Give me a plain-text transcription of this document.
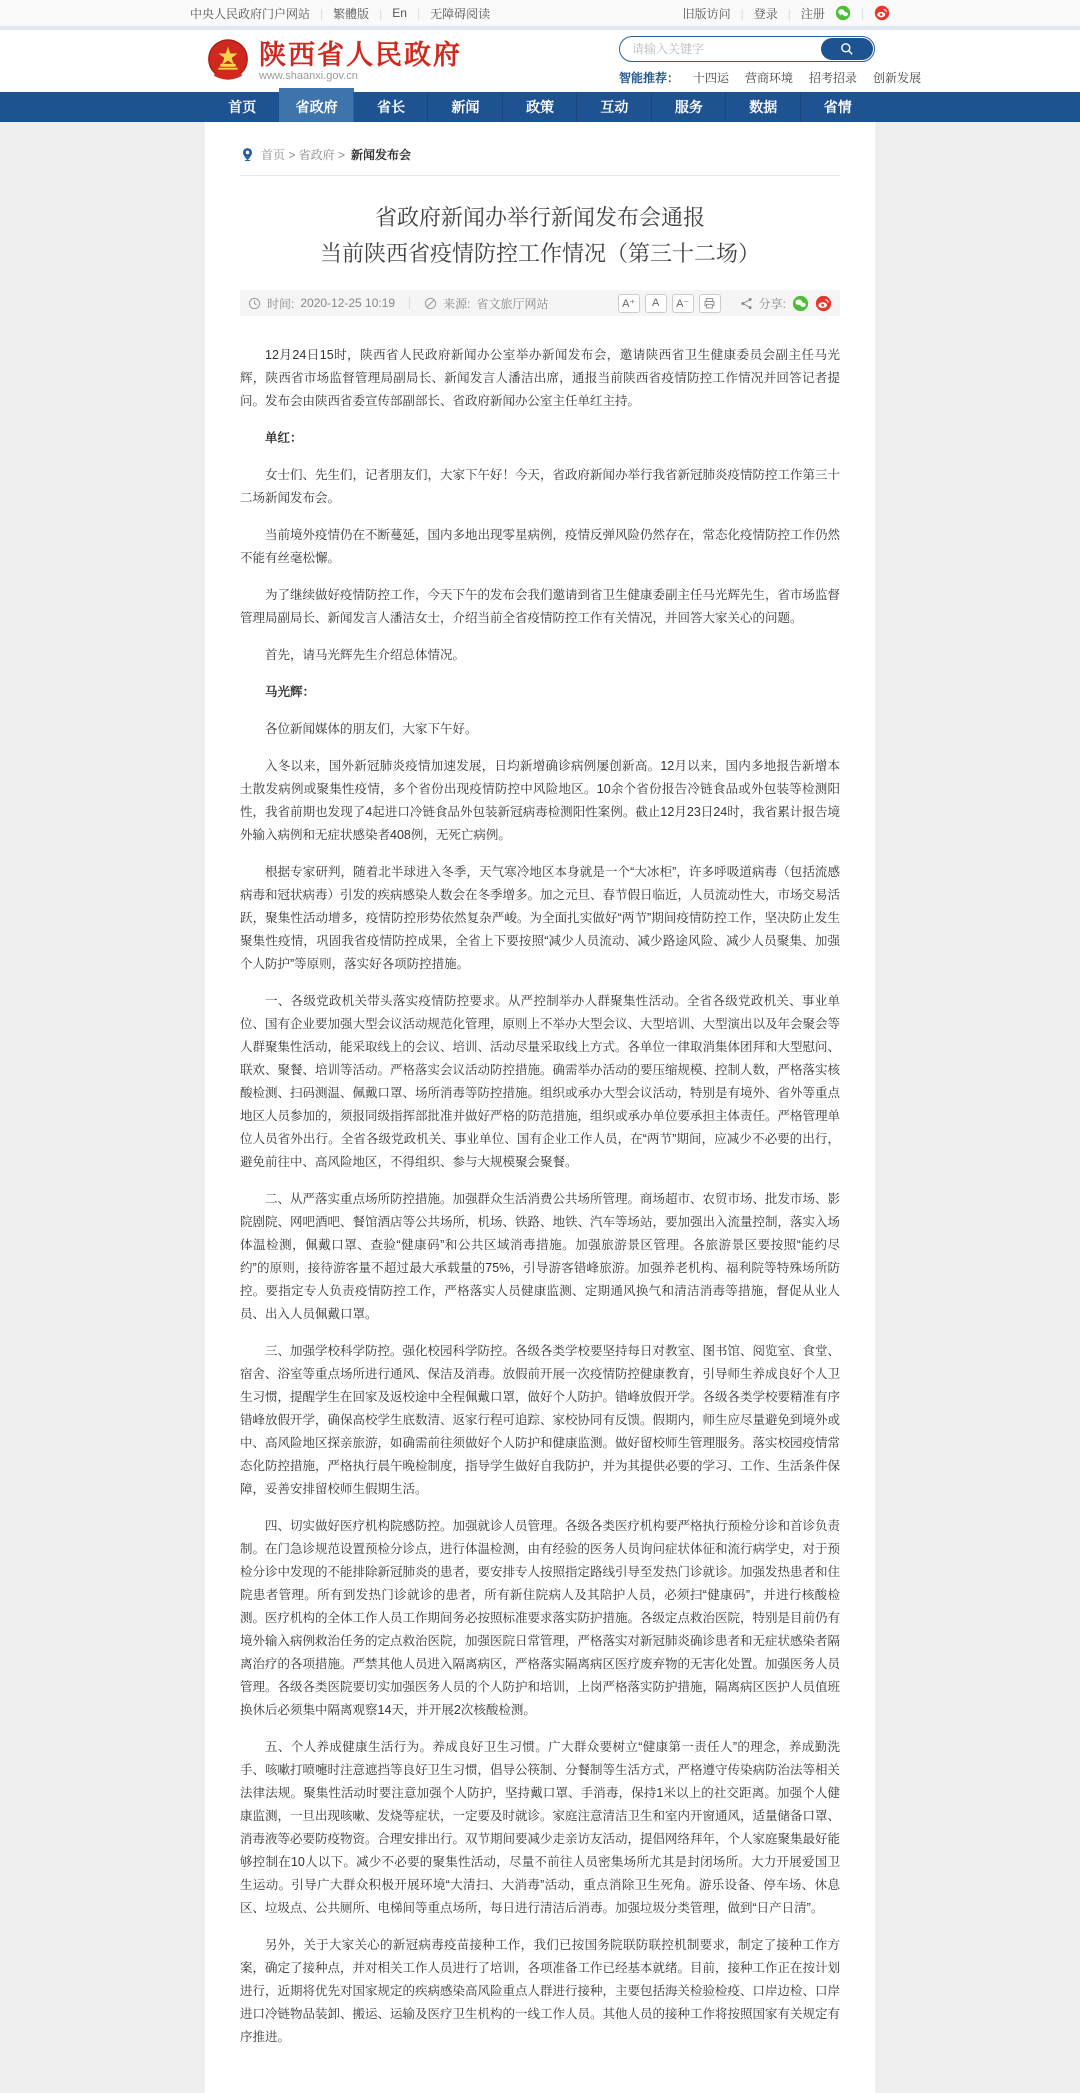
中央人民政府门户网站 |	繁體版 |	En |	无障碍阅读	旧版访问 |	登录 |	注册	|
陕西省人民政府
www.shaanxi.gov.cn
请输入关键字	智能推荐： 十四运 营商环境 招考招录 创新发展
首页	省政府	省长	新闻	政策	互动	服务	数据	省情
首页 > 省政府 > 新闻发布会
省政府新闻办举行新闻发布会通报
当前陕西省疫情防控工作情况（第三十二场）
时间: 2020-12-25 10:19	来源: 省文旅厅网站	A⁺	A	A⁻	分享:
12月24日15时，陕西省人民政府新闻办公室举办新闻发布会，邀请陕西省卫生健康委员会副主任马光辉，陕西省市场监督管理局副局长、新闻发言人潘洁出席，通报当前陕西省疫情防控工作情况并回答记者提问。发布会由陕西省委宣传部副部长、省政府新闻办公室主任单红主持。
单红：
女士们、先生们，记者朋友们，大家下午好！今天，省政府新闻办举行我省新冠肺炎疫情防控工作第三十二场新闻发布会。
当前境外疫情仍在不断蔓延，国内多地出现零星病例，疫情反弹风险仍然存在，常态化疫情防控工作仍然不能有丝毫松懈。
为了继续做好疫情防控工作，今天下午的发布会我们邀请到省卫生健康委副主任马光辉先生，省市场监督管理局副局长、新闻发言人潘洁女士，介绍当前全省疫情防控工作有关情况，并回答大家关心的问题。
首先，请马光辉先生介绍总体情况。
马光辉：
各位新闻媒体的朋友们，大家下午好。
入冬以来，国外新冠肺炎疫情加速发展，日均新增确诊病例屡创新高。12月以来，国内多地报告新增本土散发病例或聚集性疫情，多个省份出现疫情防控中风险地区。10余个省份报告冷链食品或外包装等检测阳性，我省前期也发现了4起进口冷链食品外包装新冠病毒检测阳性案例。截止12月23日24时，我省累计报告境外输入病例和无症状感染者408例，无死亡病例。
根据专家研判，随着北半球进入冬季，天气寒冷地区本身就是一个“大冰柜”，许多呼吸道病毒（包括流感病毒和冠状病毒）引发的疾病感染人数会在冬季增多。加之元旦、春节假日临近，人员流动性大，市场交易活跃，聚集性活动增多，疫情防控形势依然复杂严峻。为全面扎实做好“两节”期间疫情防控工作，坚决防止发生聚集性疫情，巩固我省疫情防控成果，全省上下要按照“减少人员流动、减少路途风险、减少人员聚集、加强个人防护”等原则，落实好各项防控措施。
一、各级党政机关带头落实疫情防控要求。从严控制举办人群聚集性活动。全省各级党政机关、事业单位、国有企业要加强大型会议活动规范化管理，原则上不举办大型会议、大型培训、大型演出以及年会聚会等人群聚集性活动，能采取线上的会议、培训、活动尽量采取线上方式。各单位一律取消集体团拜和大型慰问、联欢、聚餐、培训等活动。严格落实会议活动防控措施。确需举办活动的要压缩规模、控制人数，严格落实核酸检测、扫码测温、佩戴口罩、场所消毒等防控措施。组织或承办大型会议活动，特别是有境外、省外等重点地区人员参加的，须报同级指挥部批准并做好严格的防范措施，组织或承办单位要承担主体责任。严格管理单位人员省外出行。全省各级党政机关、事业单位、国有企业工作人员，在“两节”期间，应减少不必要的出行，避免前往中、高风险地区，不得组织、参与大规模聚会聚餐。
二、从严落实重点场所防控措施。加强群众生活消费公共场所管理。商场超市、农贸市场、批发市场、影院剧院、网吧酒吧、餐馆酒店等公共场所，机场、铁路、地铁、汽车等场站，要加强出入流量控制，落实入场体温检测，佩戴口罩、查验“健康码”和公共区域消毒措施。加强旅游景区管理。各旅游景区要按照“能约尽约”的原则，接待游客量不超过最大承载量的75%，引导游客错峰旅游。加强养老机构、福利院等特殊场所防控。要指定专人负责疫情防控工作，严格落实人员健康监测、定期通风换气和清洁消毒等措施，督促从业人员、出入人员佩戴口罩。
三、加强学校科学防控。强化校园科学防控。各级各类学校要坚持每日对教室、图书馆、阅览室、食堂、宿舍、浴室等重点场所进行通风、保洁及消毒。放假前开展一次疫情防控健康教育，引导师生养成良好个人卫生习惯，提醒学生在回家及返校途中全程佩戴口罩，做好个人防护。错峰放假开学。各级各类学校要精准有序错峰放假开学，确保高校学生底数清、返家行程可追踪、家校协同有反馈。假期内，师生应尽量避免到境外或中、高风险地区探亲旅游，如确需前往须做好个人防护和健康监测。做好留校师生管理服务。落实校园疫情常态化防控措施，严格执行晨午晚检制度，指导学生做好自我防护，并为其提供必要的学习、工作、生活条件保障，妥善安排留校师生假期生活。
四、切实做好医疗机构院感防控。加强就诊人员管理。各级各类医疗机构要严格执行预检分诊和首诊负责制。在门急诊规范设置预检分诊点，进行体温检测，由有经验的医务人员询问症状体征和流行病学史，对于预检分诊中发现的不能排除新冠肺炎的患者，要安排专人按照指定路线引导至发热门诊就诊。加强发热患者和住院患者管理。所有到发热门诊就诊的患者，所有新住院病人及其陪护人员，必须扫“健康码”，并进行核酸检测。医疗机构的全体工作人员工作期间务必按照标准要求落实防护措施。各级定点救治医院，特别是目前仍有境外输入病例救治任务的定点救治医院，加强医院日常管理，严格落实对新冠肺炎确诊患者和无症状感染者隔离治疗的各项措施。严禁其他人员进入隔离病区，严格落实隔离病区医疗废弃物的无害化处置。加强医务人员管理。各级各类医院要切实加强医务人员的个人防护和培训，上岗严格落实防护措施，隔离病区医护人员值班换休后必须集中隔离观察14天，并开展2次核酸检测。
五、个人养成健康生活行为。养成良好卫生习惯。广大群众要树立“健康第一责任人”的理念，养成勤洗手、咳嗽打喷嚏时注意遮挡等良好卫生习惯，倡导公筷制、分餐制等生活方式，严格遵守传染病防治法等相关法律法规。聚集性活动时要注意加强个人防护，坚持戴口罩、手消毒，保持1米以上的社交距离。加强个人健康监测，一旦出现咳嗽、发烧等症状，一定要及时就诊。家庭注意清洁卫生和室内开窗通风，适量储备口罩、消毒液等必要防疫物资。合理安排出行。双节期间要减少走亲访友活动，提倡网络拜年，个人家庭聚集最好能够控制在10人以下。减少不必要的聚集性活动，尽量不前往人员密集场所尤其是封闭场所。大力开展爱国卫生运动。引导广大群众积极开展环境“大清扫、大消毒”活动，重点消除卫生死角。游乐设备、停车场、休息区、垃圾点、公共厕所、电梯间等重点场所，每日进行清洁后消毒。加强垃圾分类管理，做到“日产日清”。
另外，关于大家关心的新冠病毒疫苗接种工作，我们已按国务院联防联控机制要求，制定了接种工作方案，确定了接种点，并对相关工作人员进行了培训，各项准备工作已经基本就绪。目前，接种工作正在按计划进行，近期将优先对国家规定的疾病感染高风险重点人群进行接种，主要包括海关检验检疫、口岸边检、口岸进口冷链物品装卸、搬运、运输及医疗卫生机构的一线工作人员。其他人员的接种工作将按照国家有关规定有序推进。
